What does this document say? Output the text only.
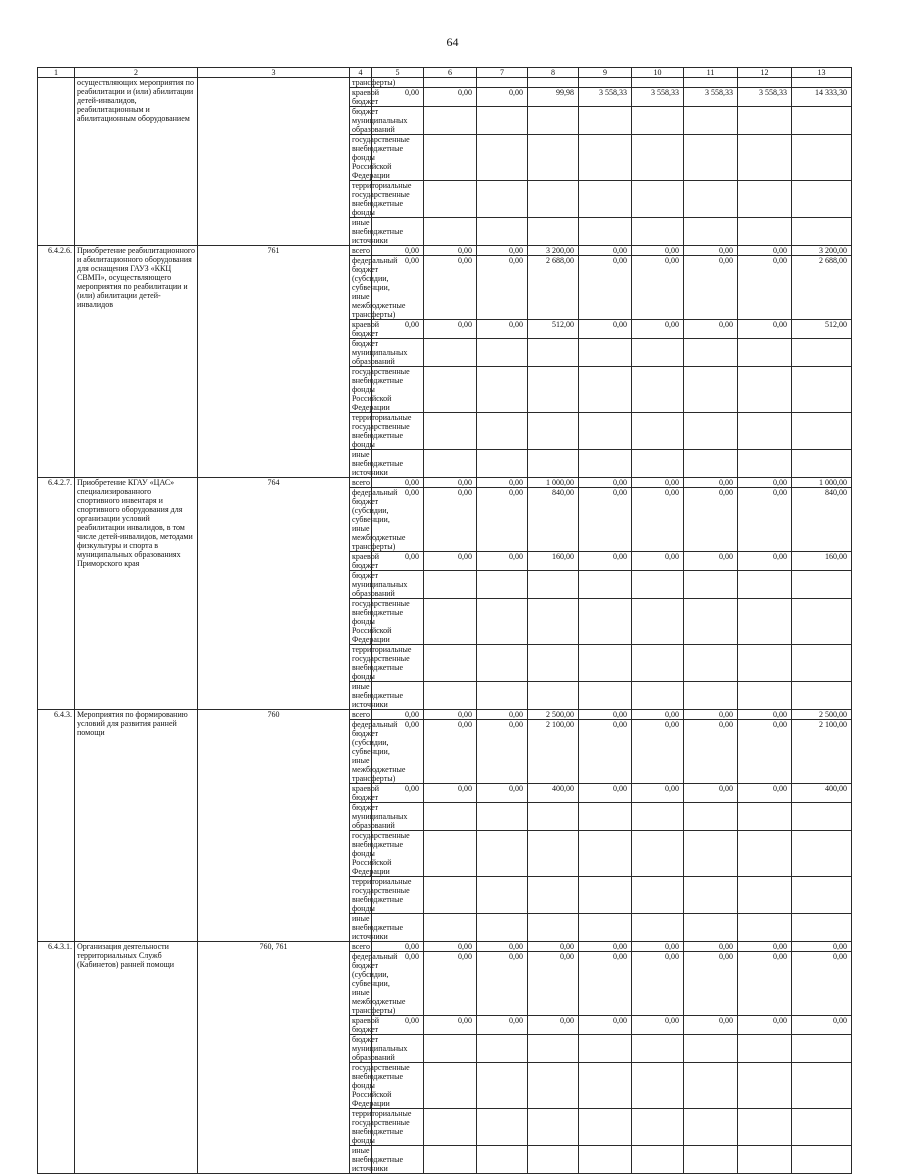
64
1	2	3	4	5	6	7	8	9	10	11	12	13
	осуществляющих мероприятия по реабилитации и (или) абилитации детей-инвалидов, реабилитационным и абилитационным оборудованием		трансферты)									
			краевой бюджет	0,00	0,00	0,00	99,98	3 558,33	3 558,33	3 558,33	3 558,33	14 333,30
			бюджет муниципальных образований									
			государственные внебюджетные фонды Российской Федерации									
			территориальные государственные внебюджетные фонды									
			иные внебюджетные источники									
6.4.2.6.	Приобретение реабилитационного и абилитационного оборудования для оснащения ГАУЗ «ККЦ СВМП», осуществляющего мероприятия по реабилитации и (или) абилитации детей-инвалидов	761	всего	0,00	0,00	0,00	3 200,00	0,00	0,00	0,00	0,00	3 200,00
			федеральный бюджет (субсидии, субвенции, иные межбюджетные трансферты)	0,00	0,00	0,00	2 688,00	0,00	0,00	0,00	0,00	2 688,00
			краевой бюджет	0,00	0,00	0,00	512,00	0,00	0,00	0,00	0,00	512,00
			бюджет муниципальных образований									
			государственные внебюджетные фонды Российской Федерации									
			территориальные государственные внебюджетные фонды									
			иные внебюджетные источники									
6.4.2.7.	Приобретение КГАУ «ЦАС» специализированного спортивного инвентаря и спортивного оборудования для организации условий реабилитации инвалидов, в том числе детей-инвалидов, методами физкультуры и спорта в муниципальных образованиях Приморского края	764	всего	0,00	0,00	0,00	1 000,00	0,00	0,00	0,00	0,00	1 000,00
			федеральный бюджет (субсидии, субвенции, иные межбюджетные трансферты)	0,00	0,00	0,00	840,00	0,00	0,00	0,00	0,00	840,00
			краевой бюджет	0,00	0,00	0,00	160,00	0,00	0,00	0,00	0,00	160,00
			бюджет муниципальных образований									
			государственные внебюджетные фонды Российской Федерации									
			территориальные государственные внебюджетные фонды									
			иные внебюджетные источники									
6.4.3.	Мероприятия по формированию условий для развития ранней помощи	760	всего	0,00	0,00	0,00	2 500,00	0,00	0,00	0,00	0,00	2 500,00
			федеральный бюджет (субсидии, субвенции, иные межбюджетные трансферты)	0,00	0,00	0,00	2 100,00	0,00	0,00	0,00	0,00	2 100,00
			краевой бюджет	0,00	0,00	0,00	400,00	0,00	0,00	0,00	0,00	400,00
			бюджет муниципальных образований									
			государственные внебюджетные фонды Российской Федерации									
			территориальные государственные внебюджетные фонды									
			иные внебюджетные источники									
6.4.3.1.	Организация деятельности территориальных Служб (Кабинетов) ранней помощи	760, 761	всего	0,00	0,00	0,00	0,00	0,00	0,00	0,00	0,00	0,00
			федеральный бюджет (субсидии, субвенции, иные межбюджетные трансферты)	0,00	0,00	0,00	0,00	0,00	0,00	0,00	0,00	0,00
			краевой бюджет	0,00	0,00	0,00	0,00	0,00	0,00	0,00	0,00	0,00
			бюджет муниципальных образований									
			государственные внебюджетные фонды Российской Федерации									
			территориальные государственные внебюджетные фонды									
			иные внебюджетные источники									
